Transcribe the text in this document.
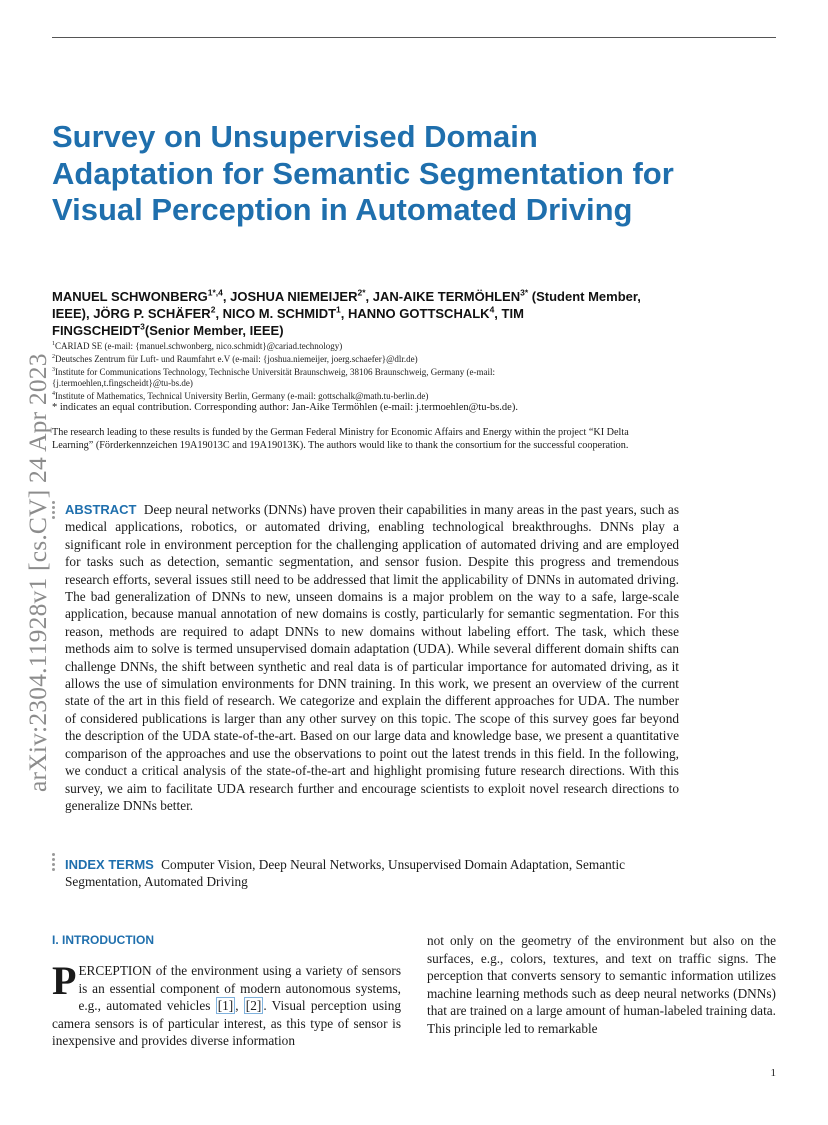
arXiv:2304.11928v1 [cs.CV] 24 Apr 2023
Survey on Unsupervised Domain Adaptation for Semantic Segmentation for Visual Perception in Automated Driving

MANUEL $SCHWONBERG^{1*,4}$, JOSHUA $NIEMEIJER^{2*}$, JAN-AIKE $TERMÖHLEN^{3*}$ (Student Member, IEEE), JÖRG P. SCHÄFER$^2$, NICO M. SCHMIDT$^1$, HANNO GOTTSCHALK$^4$, TIM FINGSCHEIDT$^3$(Senior Member, IEEE)

$^1$CARIAD SE (e-mail: {manuel.schwonberg, nico.schmidt}@cariad.technology)
$^2$Deutsches Zentrum für Luft- und Raumfahrt e.V (e-mail: {joshua.niemeijer, joerg.schaefer}@dlr.de)
$^3$Institute for Communications Technology, Technische Universität Braunschweig, 38106 Braunschweig, Germany (e-mail: {j.termoehlen,t.fingscheidt}@tu-bs.de)
$^4$Institute of Mathematics, Technical University Berlin, Germany (e-mail: gottschalk@math.tu-berlin.de)
* indicates an equal contribution. Corresponding author: Jan-Aike Termöhlen (e-mail: j.termoehlen@tu-bs.de).
The research leading to these results is funded by the German Federal Ministry for Economic Affairs and Energy within the project “KI Delta Learning” (Förderkennzeichen 19A19013C and 19A19013K). The authors would like to thank the consortium for the successful cooperation.

ABSTRACT Deep neural networks (DNNs) have proven their capabilities in many areas in the past years, such as medical applications, robotics, or automated driving, enabling technological breakthroughs. DNNs play a significant role in environment perception for the challenging application of automated driving and are employed for tasks such as detection, semantic segmentation, and sensor fusion. Despite this progress and tremendous research efforts, several issues still need to be addressed that limit the applicability of DNNs in automated driving. The bad generalization of DNNs to new, unseen domains is a major problem on the way to a safe, large-scale application, because manual annotation of new domains is costly, particularly for semantic segmentation. For this reason, methods are required to adapt DNNs to new domains without labeling effort. The task, which these methods aim to solve is termed unsupervised domain adaptation (UDA). While several different domain shifts can challenge DNNs, the shift between synthetic and real data is of particular importance for automated driving, as it allows the use of simulation environments for DNN training. In this work, we present an overview of the current state of the art in this field of research. We categorize and explain the different approaches for UDA. The number of considered publications is larger than any other survey on this topic. The scope of this survey goes far beyond the description of the UDA state-of-the-art. Based on our large data and knowledge base, we present a quantitative comparison of the approaches and use the observations to point out the latest trends in this field. In the following, we conduct a critical analysis of the state-of-the-art and highlight promising future research directions. With this survey, we aim to facilitate UDA research further and encourage scientists to exploit novel research directions to generalize DNNs better.

INDEX TERMS Computer Vision, Deep Neural Networks, Unsupervised Domain Adaptation, Semantic Segmentation, Automated Driving

I. INTRODUCTION

PERCEPTION of the environment using a variety of sensors is an essential component of modern autonomous systems, e.g., automated vehicles [1] , [2] . Visual perception using camera sensors is of particular interest, as this type of sensor is inexpensive and provides diverse information

not only on the geometry of the environment but also on the surfaces, e.g., colors, textures, and text on traffic signs. The perception that converts sensory to semantic information utilizes machine learning methods such as deep neural networks (DNNs) that are trained on a large amount of human-labeled training data. This principle led to remarkable

1
